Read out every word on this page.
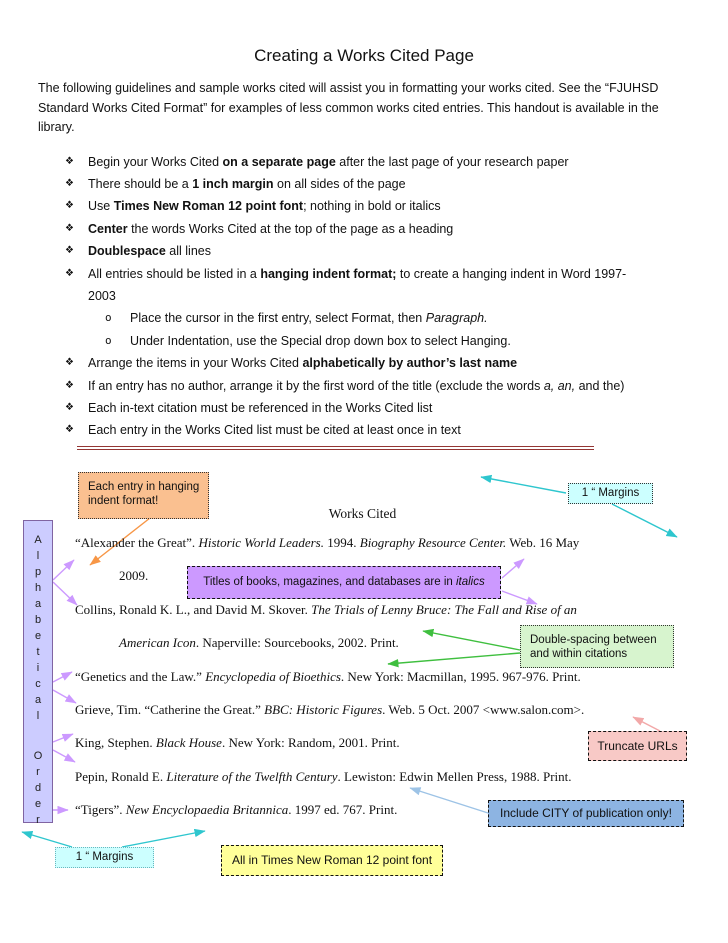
Creating a Works Cited Page

The following guidelines and sample works cited will assist you in formatting your works cited. See the “FJUHSD Standard Works Cited Format” for examples of less common works cited entries. This handout is available in the library.

❖	Begin your Works Cited on a separate page after the last page of your research paper
❖	There should be a 1 inch margin on all sides of the page
❖	Use Times New Roman 12 point font; nothing in bold or italics
❖	Center the words Works Cited at the top of the page as a heading
❖	Doublespace all lines
❖	All entries should be listed in a hanging indent format; to create a hanging indent in Word 1997-
2003
o	Place the cursor in the first entry, select Format, then Paragraph.
o	Under Indentation, use the Special drop down box to select Hanging.
❖	Arrange the items in your Works Cited alphabetically by author’s last name
❖	If an entry has no author, arrange it by the first word of the title (exclude the words a, an, and the)
❖	Each in-text citation must be referenced in the Works Cited list
❖	Each entry in the Works Cited list must be cited at least once in text
A
l
p
h
a
b
e
t
i
c
a
l
O
r
d
e
r
Each entry in hanging indent format!
1 “ Margins
Works Cited
“Alexander the Great”. Historic World Leaders. 1994. Biography Resource Center. Web. 16 May
2009.
Collins, Ronald K. L., and David M. Skover. The Trials of Lenny Bruce: The Fall and Rise of an
American Icon. Naperville: Sourcebooks, 2002. Print.
“Genetics and the Law.” Encyclopedia of Bioethics. New York: Macmillan, 1995. 967-976. Print.
Grieve, Tim. “Catherine the Great.” BBC: Historic Figures. Web. 5 Oct. 2007 <www.salon.com>.
King, Stephen. Black House. New York: Random, 2001. Print.
Pepin, Ronald E. Literature of the Twelfth Century. Lewiston: Edwin Mellen Press, 1988. Print.
“Tigers”. New Encyclopaedia Britannica. 1997 ed. 767. Print.
Titles of books, magazines, and databases are in italics
Double-spacing between and within citations
Truncate URLs
Include CITY of publication only!
1 “ Margins	All in Times New Roman 12 point font
